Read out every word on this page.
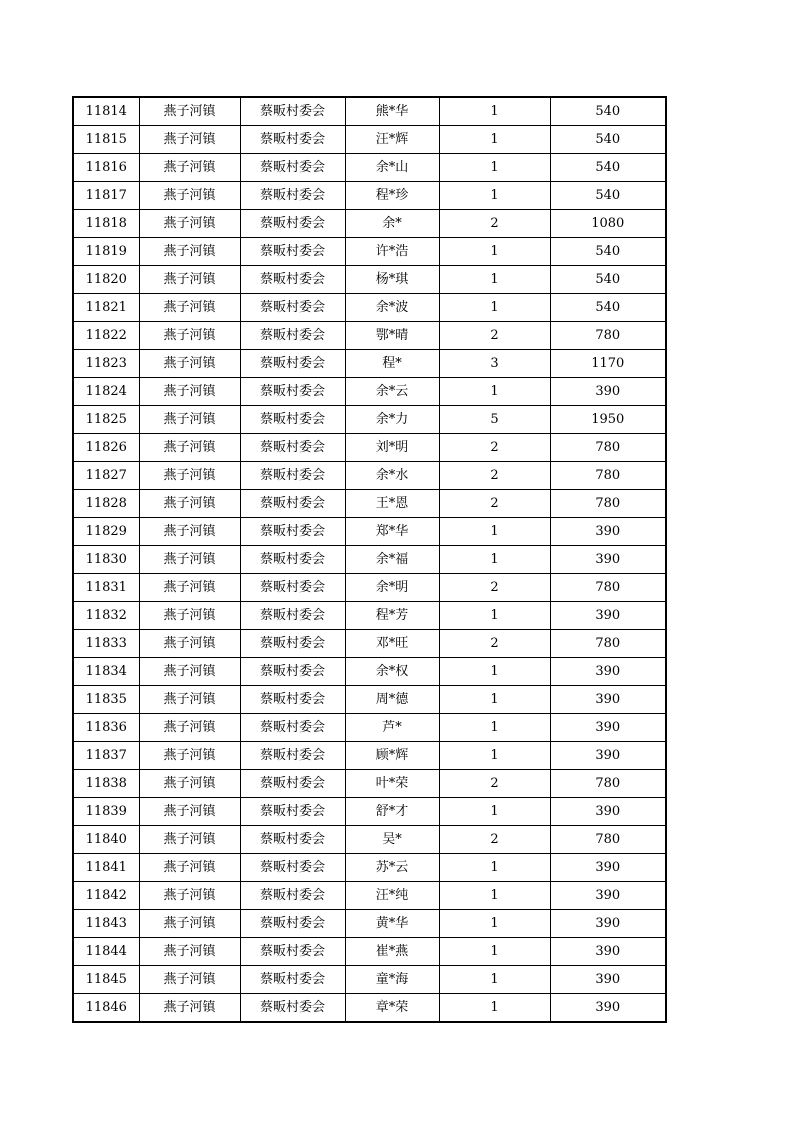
11814	燕子河镇	蔡畈村委会	熊*华	1	540
11815	燕子河镇	蔡畈村委会	汪*辉	1	540
11816	燕子河镇	蔡畈村委会	余*山	1	540
11817	燕子河镇	蔡畈村委会	程*珍	1	540
11818	燕子河镇	蔡畈村委会	余*	2	1080
11819	燕子河镇	蔡畈村委会	许*浩	1	540
11820	燕子河镇	蔡畈村委会	杨*琪	1	540
11821	燕子河镇	蔡畈村委会	余*波	1	540
11822	燕子河镇	蔡畈村委会	鄂*晴	2	780
11823	燕子河镇	蔡畈村委会	程*	3	1170
11824	燕子河镇	蔡畈村委会	余*云	1	390
11825	燕子河镇	蔡畈村委会	余*力	5	1950
11826	燕子河镇	蔡畈村委会	刘*明	2	780
11827	燕子河镇	蔡畈村委会	余*水	2	780
11828	燕子河镇	蔡畈村委会	王*恩	2	780
11829	燕子河镇	蔡畈村委会	郑*华	1	390
11830	燕子河镇	蔡畈村委会	余*福	1	390
11831	燕子河镇	蔡畈村委会	余*明	2	780
11832	燕子河镇	蔡畈村委会	程*芳	1	390
11833	燕子河镇	蔡畈村委会	邓*旺	2	780
11834	燕子河镇	蔡畈村委会	余*权	1	390
11835	燕子河镇	蔡畈村委会	周*德	1	390
11836	燕子河镇	蔡畈村委会	芦*	1	390
11837	燕子河镇	蔡畈村委会	顾*辉	1	390
11838	燕子河镇	蔡畈村委会	叶*荣	2	780
11839	燕子河镇	蔡畈村委会	舒*才	1	390
11840	燕子河镇	蔡畈村委会	吴*	2	780
11841	燕子河镇	蔡畈村委会	苏*云	1	390
11842	燕子河镇	蔡畈村委会	汪*纯	1	390
11843	燕子河镇	蔡畈村委会	黄*华	1	390
11844	燕子河镇	蔡畈村委会	崔*燕	1	390
11845	燕子河镇	蔡畈村委会	童*海	1	390
11846	燕子河镇	蔡畈村委会	章*荣	1	390
